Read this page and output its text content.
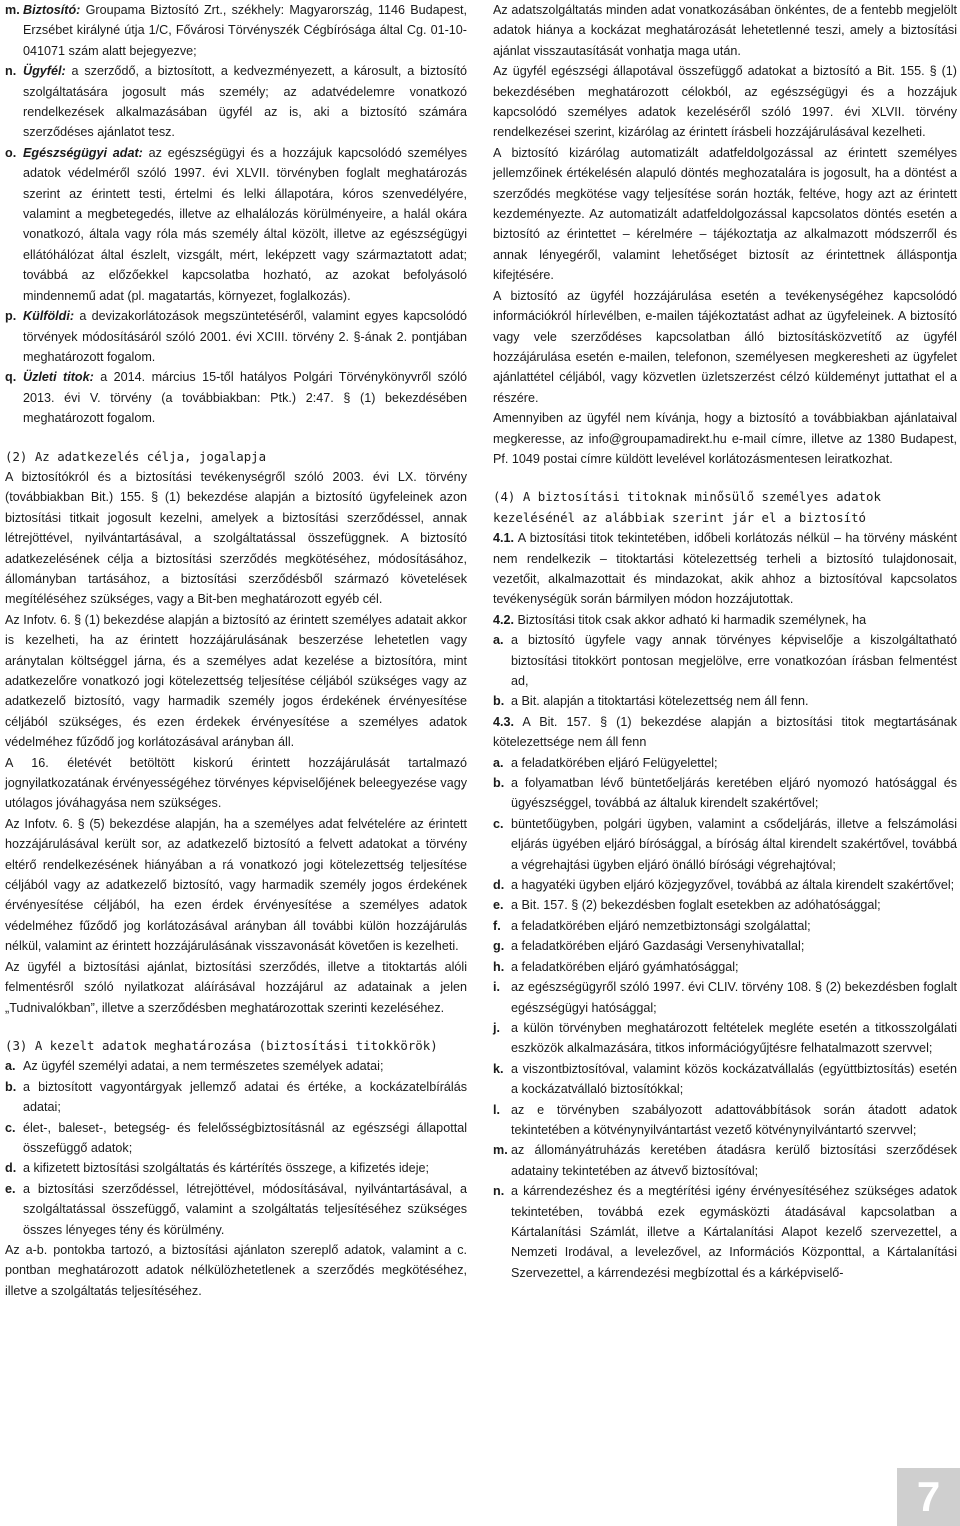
m. Biztosító: Groupama Biztosító Zrt., székhely: Magyarország, 1146 Budapest, Erzsébet királyné útja 1/C, Fővárosi Törvényszék Cégbírósága által Cg. 01-10-041071 szám alatt bejegyezve;
n. Ügyfél: a szerződő, a biztosított, a kedvezményezett, a károsult, a biztosító szolgáltatására jogosult más személy; az adatvédelemre vonatkozó rendelkezések alkalmazásában ügyfél az is, aki a biztosító számára szerződéses ajánlatot tesz.
o. Egészségügyi adat: az egészségügyi és a hozzájuk kapcsolódó személyes adatok védelméről szóló 1997. évi XLVII. törvényben foglalt meghatározás szerint az érintett testi, értelmi és lelki állapotára, kóros szenvedélyére, valamint a megbetegedés, illetve az elhalálozás körülményeire, a halál okára vonatkozó, általa vagy róla más személy által közölt, illetve az egészségügyi ellátóhálózat által észlelt, vizsgált, mért, leképzett vagy származtatott adat; továbbá az előzőekkel kapcsolatba hozható, az azokat befolyásoló mindennemű adat (pl. magatartás, környezet, foglalkozás).
p. Külföldi: a devizakorlátozások megszüntetéséről, valamint egyes kapcsolódó törvények módosításáról szóló 2001. évi XCIII. törvény 2. §-ának 2. pontjában meghatározott fogalom.
q. Üzleti titok: a 2014. március 15-től hatályos Polgári Törvénykönyvről szóló 2013. évi V. törvény (a továbbiakban: Ptk.) 2:47. § (1) bekezdésében meghatározott fogalom.

(2) Az adatkezelés célja, jogalapja

A biztosítókról és a biztosítási tevékenységről szóló 2003. évi LX. törvény (továbbiakban Bit.) 155. § (1) bekezdése alapján a biztosító ügyfeleinek azon biztosítási titkait jogosult kezelni, amelyek a biztosítási szerződéssel, annak létrejöttével, nyilvántartásával, a szolgáltatással összefüggnek. A biztosító adatkezelésének célja a biztosítási szerződés megkötéséhez, módosításához, állományban tartásához, a biztosítási szerződésből származó követelések megítéléséhez szükséges, vagy a Bit-ben meghatározott egyéb cél.

Az Infotv. 6. § (1) bekezdése alapján a biztosító az érintett személyes adatait akkor is kezelheti, ha az érintett hozzájárulásának beszerzése lehetetlen vagy aránytalan költséggel járna, és a személyes adat kezelése a biztosítóra, mint adatkezelőre vonatkozó jogi kötelezettség teljesítése céljából szükséges vagy az adatkezelő biztosító, vagy harmadik személy jogos érdekének érvényesítése céljából szükséges, és ezen érdekek érvényesítése a személyes adatok védelméhez fűződő jog korlátozásával arányban áll.

A 16. életévét betöltött kiskorú érintett hozzájárulását tartalmazó jognyilatkozatának érvényességéhez törvényes képviselőjének beleegyezése vagy utólagos jóváhagyása nem szükséges.

Az Infotv. 6. § (5) bekezdése alapján, ha a személyes adat felvételére az érintett hozzájárulásával került sor, az adatkezelő biztosító a felvett adatokat a törvény eltérő rendelkezésének hiányában a rá vonatkozó jogi kötelezettség teljesítése céljából vagy az adatkezelő biztosító, vagy harmadik személy jogos érdekének érvényesítése céljából, ha ezen érdek érvényesítése a személyes adatok védelméhez fűződő jog korlátozásával arányban áll további külön hozzájárulás nélkül, valamint az érintett hozzájárulásának visszavonását követően is kezelheti.

Az ügyfél a biztosítási ajánlat, biztosítási szerződés, illetve a titoktartás alóli felmentésről szóló nyilatkozat aláírásával hozzájárul az adatainak a jelen „Tudnivalókban”, illetve a szerződésben meghatározottak szerinti kezeléséhez.

(3) A kezelt adatok meghatározása (biztosítási titokkörök)

a. Az ügyfél személyi adatai, a nem természetes személyek adatai;
b. a biztosított vagyontárgyak jellemző adatai és értéke, a kockázatelbírálás adatai;
c. élet-, baleset-, betegség- és felelősségbiztosításnál az egészségi állapottal összefüggő adatok;
d. a kifizetett biztosítási szolgáltatás és kártérítés összege, a kifizetés ideje;
e. a biztosítási szerződéssel, létrejöttével, módosításával, nyilvántartásával, a szolgáltatással összefüggő, valamint a szolgáltatás teljesítéséhez szükséges összes lényeges tény és körülmény.

Az a-b. pontokba tartozó, a biztosítási ajánlaton szereplő adatok, valamint a c. pontban meghatározott adatok nélkülözhetetlenek a szerződés megkötéséhez, illetve a szolgáltatás teljesítéséhez.

Az adatszolgáltatás minden adat vonatkozásában önkéntes, de a fentebb megjelölt adatok hiánya a kockázat meghatározását lehetetlenné teszi, amely a biztosítási ajánlat visszautasítását vonhatja maga után.

Az ügyfél egészségi állapotával összefüggő adatokat a biztosító a Bit. 155. § (1) bekezdésében meghatározott célokból, az egészségügyi és a hozzájuk kapcsolódó személyes adatok kezeléséről szóló 1997. évi XLVII. törvény rendelkezései szerint, kizárólag az érintett írásbeli hozzájárulásával kezelheti.

A biztosító kizárólag automatizált adatfeldolgozással az érintett személyes jellemzőinek értékelésén alapuló döntés meghozatalára is jogosult, ha a döntést a szerződés megkötése vagy teljesítése során hozták, feltéve, hogy azt az érintett kezdeményezte. Az automatizált adatfeldolgozással kapcsolatos döntés esetén a biztosító az érintettet – kérelmére – tájékoztatja az alkalmazott módszerről és annak lényegéről, valamint lehetőséget biztosít az érintettnek álláspontja kifejtésére.

A biztosító az ügyfél hozzájárulása esetén a tevékenységéhez kapcsolódó információkról hírlevélben, e-mailen tájékoztatást adhat az ügyfeleinek. A biztosító vagy vele szerződéses kapcsolatban álló biztosításközvetítő az ügyfél hozzájárulása esetén e-mailen, telefonon, személyesen megkeresheti az ügyfelet ajánlattétel céljából, vagy közvetlen üzletszerzést célzó küldeményt juttathat el a részére.

Amennyiben az ügyfél nem kívánja, hogy a biztosító a továbbiakban ajánlataival megkeresse, az info@groupamadirekt.hu e-mail címre, illetve az 1380 Budapest, Pf. 1049 postai címre küldött levelével korlátozásmentesen leiratkozhat.

(4) A biztosítási titoknak minősülő személyes adatok kezelésénél az alábbiak szerint jár el a biztosító

4.1. A biztosítási titok tekintetében, időbeli korlátozás nélkül – ha törvény másként nem rendelkezik – titoktartási kötelezettség terheli a biztosító tulajdonosait, vezetőit, alkalmazottait és mindazokat, akik ahhoz a biztosítóval kapcsolatos tevékenységük során bármilyen módon hozzájutottak.

4.2. Biztosítási titok csak akkor adható ki harmadik személynek, ha

a. a biztosító ügyfele vagy annak törvényes képviselője a kiszolgáltatható biztosítási titokkört pontosan megjelölve, erre vonatkozóan írásban felmentést ad,
b. a Bit. alapján a titoktartási kötelezettség nem áll fenn.

4.3. A Bit. 157. § (1) bekezdése alapján a biztosítási titok megtartásának kötelezettsége nem áll fenn

a. a feladatkörében eljáró Felügyelettel;
b. a folyamatban lévő büntetőeljárás keretében eljáró nyomozó hatósággal és ügyészséggel, továbbá az általuk kirendelt szakértővel;
c. büntetőügyben, polgári ügyben, valamint a csődeljárás, illetve a felszámolási eljárás ügyében eljáró bírósággal, a bíróság által kirendelt szakértővel, továbbá a végrehajtási ügyben eljáró önálló bírósági végrehajtóval;
d. a hagyatéki ügyben eljáró közjegyzővel, továbbá az általa kirendelt szakértővel;
e. a Bit. 157. § (2) bekezdésben foglalt esetekben az adóhatósággal;
f. a feladatkörében eljáró nemzetbiztonsági szolgálattal;
g. a feladatkörében eljáró Gazdasági Versenyhivatallal;
h. a feladatkörében eljáró gyámhatósággal;
i. az egészségügyről szóló 1997. évi CLIV. törvény 108. § (2) bekezdésben foglalt egészségügyi hatósággal;
j. a külön törvényben meghatározott feltételek megléte esetén a titkosszolgálati eszközök alkalmazására, titkos információgyűjtésre felhatalmazott szervvel;
k. a viszontbiztosítóval, valamint közös kockázatvállalás (együttbiztosítás) esetén a kockázatvállaló biztosítókkal;
l. az e törvényben szabályozott adattovábbítások során átadott adatok tekintetében a kötvénynyilvántartást vezető kötvénynyilvántartó szervvel;
m. az állományátruházás keretében átadásra kerülő biztosítási szerződések adatainy tekintetében az átvevő biztosítóval;
n. a kárrendezéshez és a megtérítési igény érvényesítéséhez szükséges adatok tekintetében, továbbá ezek egymásközti átadásával kapcsolatban a Kártalanítási Számlát, illetve a Kártalanítási Alapot kezelő szervezettel, a Nemzeti Irodával, a levelezővel, az Információs Központtal, a Kártalanítási Szervezettel, a kárrendezési megbízottal és a kárképviselő-
7
